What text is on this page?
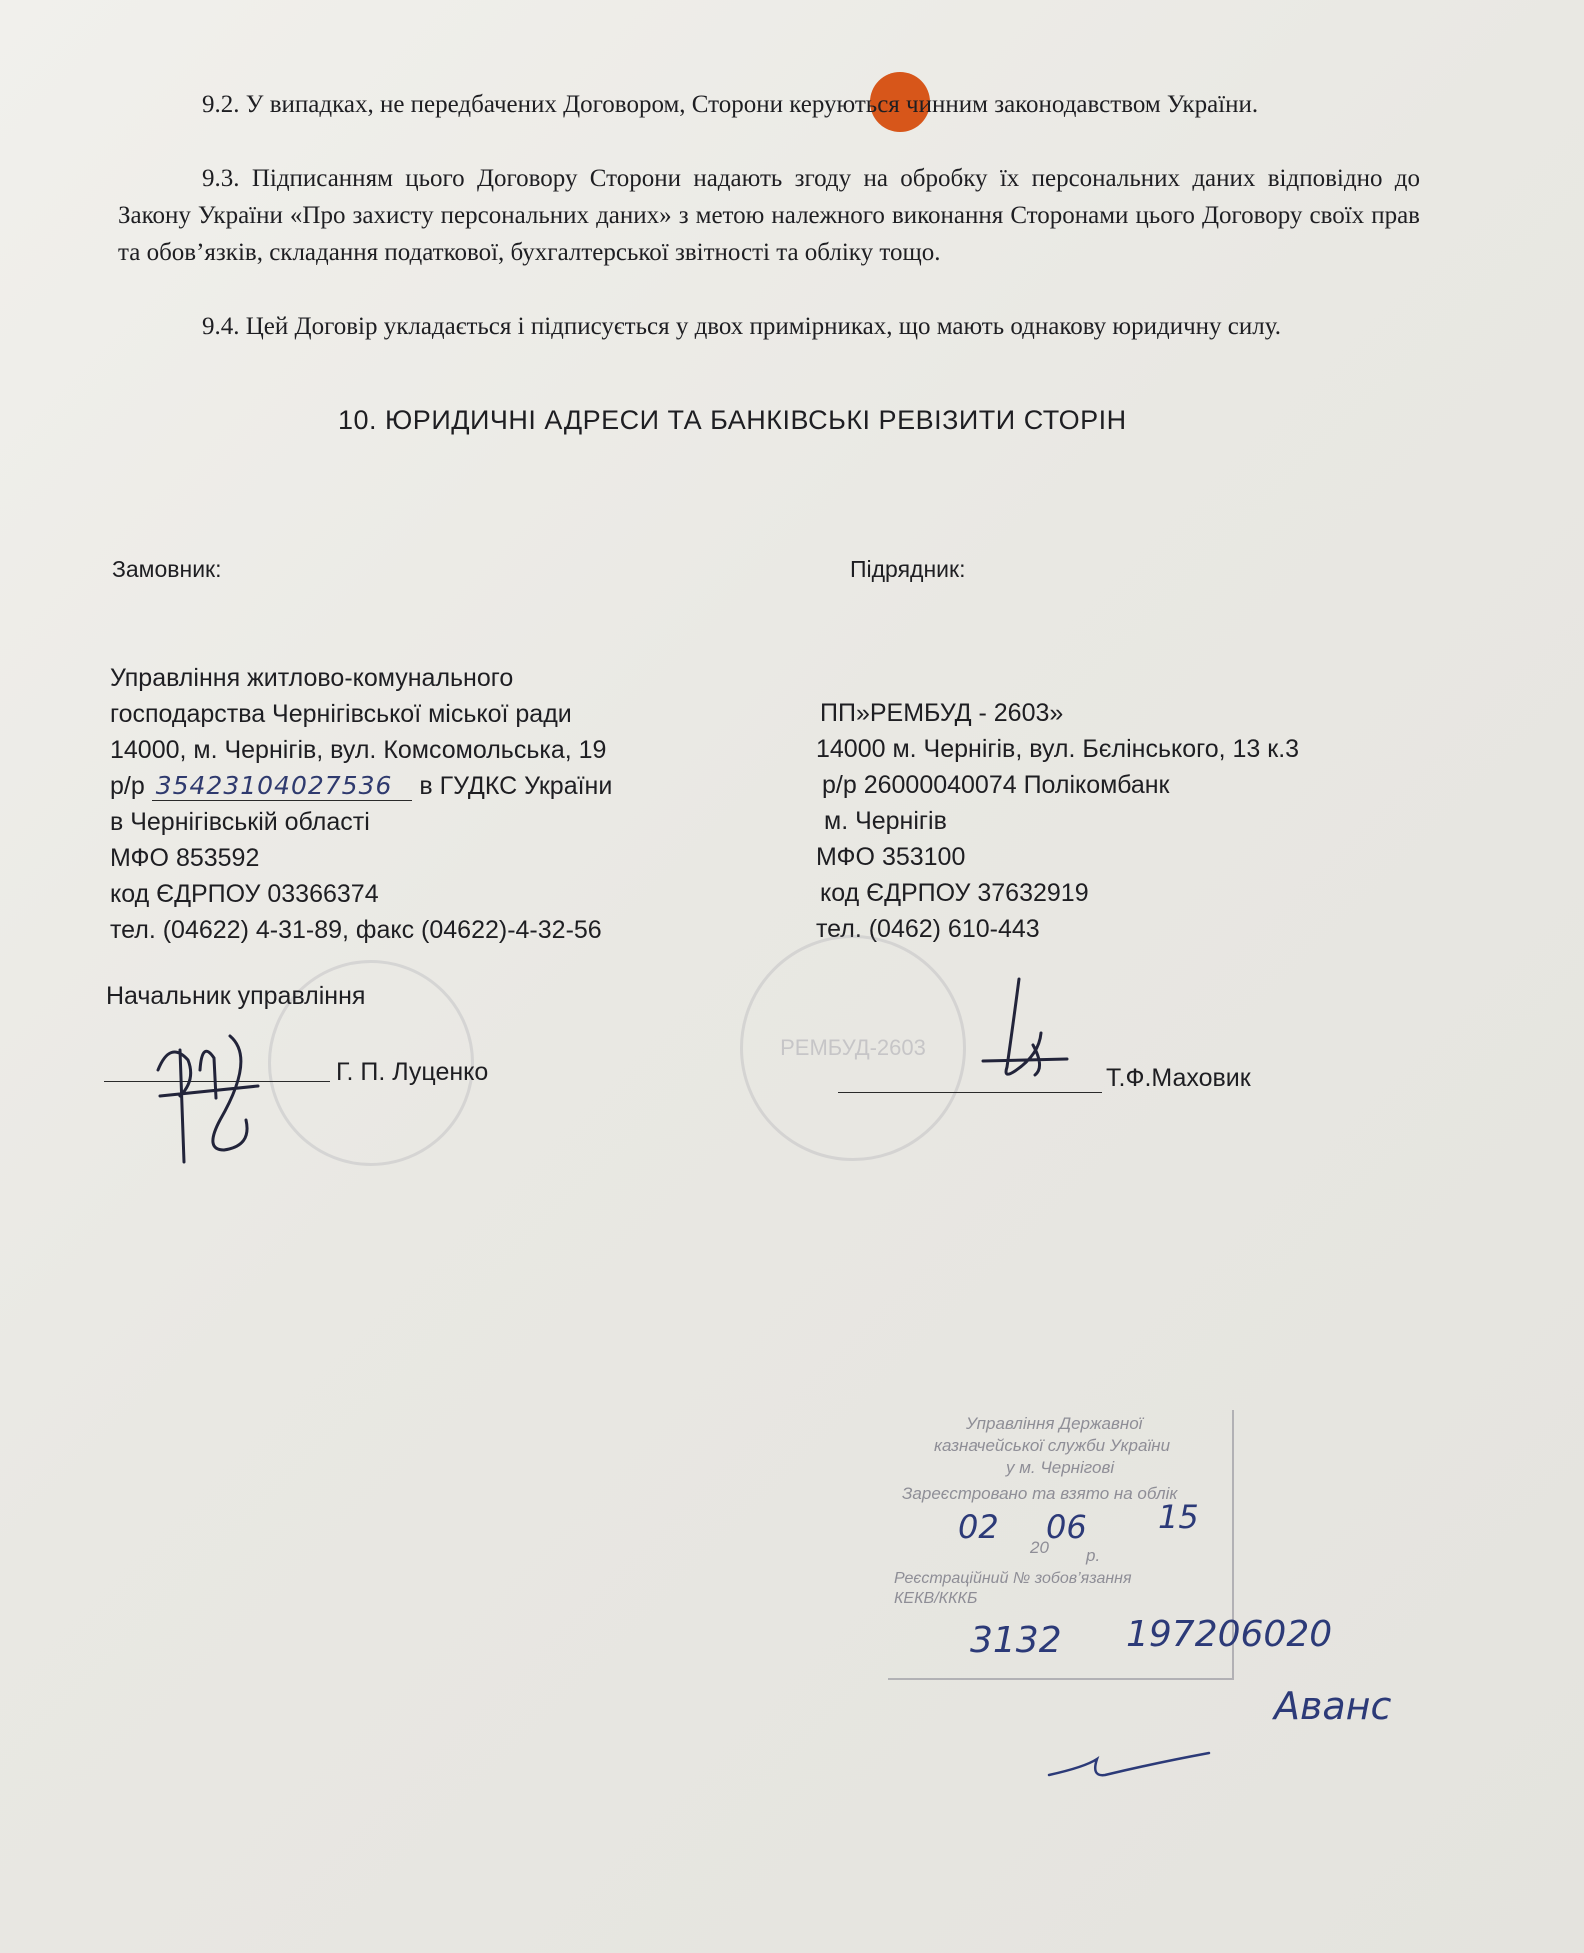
9.2. У випадках, не передбачених Договором, Сторони керуються чинним законодавством України.
9.3. Підписанням цього Договору Сторони надають згоду на обробку їх персональних даних відповідно до Закону України «Про захисту персональних даних» з метою належного виконання Сторонами цього Договору своїх прав та обов’язків, складання податкової, бухгалтерської звітності та обліку тощо.
9.4. Цей Договір укладається і підписується у двох примірниках, що мають однакову юридичну силу.
10. ЮРИДИЧНІ АДРЕСИ ТА БАНКІВСЬКІ РЕВІЗИТИ СТОРІН
Замовник:	Підрядник:
Управління житлово-комунального
господарства Чернігівської міської ради
14000, м. Чернігів, вул. Комсомольська, 19
р/р 35423104027536 в ГУДКС України
в Чернігівській області
МФО 853592
код ЄДРПОУ 03366374
тел. (04622) 4-31-89, факс (04622)-4-32-56
ПП»РЕМБУД - 2603»
14000 м. Чернігів, вул. Бєлінського, 13 к.3
р/р 26000040074 Полікомбанк
м. Чернігів
МФО 353100
код ЄДРПОУ 37632919
тел. (0462) 610-443
РЕМБУД-2603
Начальник управління
Г. П. Луценко	Т.Ф.Маховик
Управління Державної
казначейської служби України
у м. Чернігові
Зареєстровано та взято на облік
20 р.
Реєстраційний № зобов’язання
КЕКВ/КККБ
02 06 15
3132 197206020
Аванс
